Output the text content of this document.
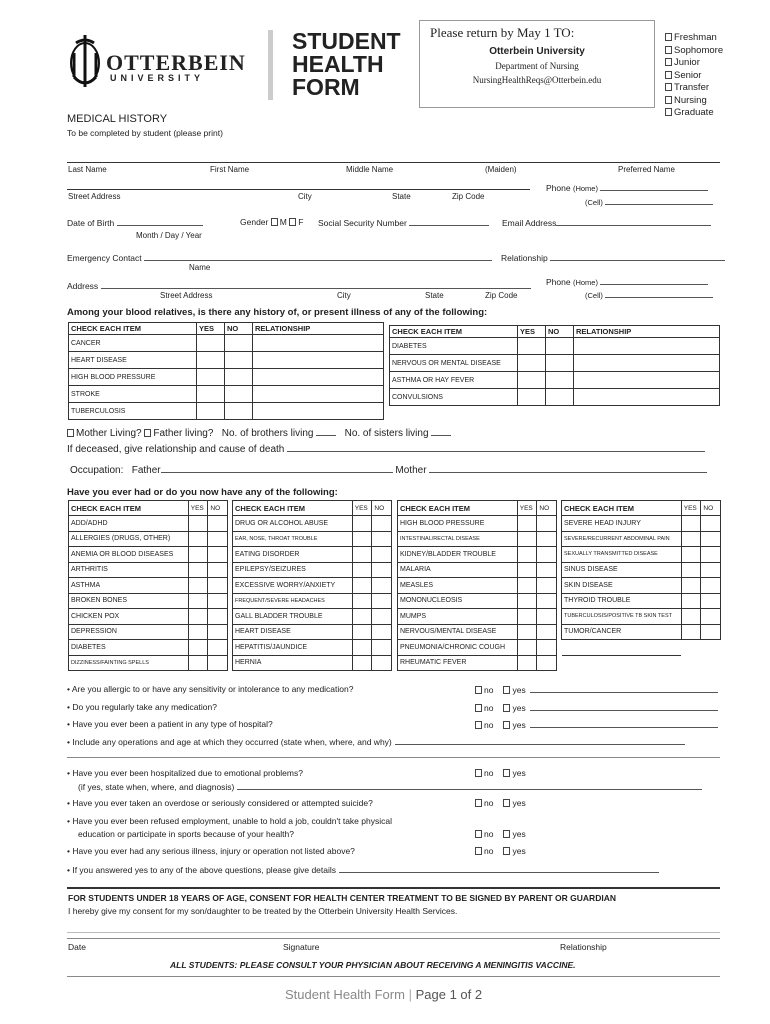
OTTERBEIN
UNIVERSITY
STUDENT
HEALTH
FORM
Please return by May 1 TO:
Otterbein University
Department of Nursing
NursingHealthReqs@Otterbein.edu
Freshman
Sophomore
Junior
Senior
Transfer
Nursing
Graduate
MEDICAL HISTORY
To be completed by student (please print)
Last Name	First Name	Middle Name	(Maiden)	Preferred Name
Street Address	City	State	Zip Code
Phone (Home)
(Cell)
Date of Birth
Month / Day / Year
Gender M F Social Security Number	Email Address
Emergency Contact
Name
Relationship
Address
Street Address	City	State	Zip Code
Phone (Home)
(Cell)
Among your blood relatives, is there any history of, or present illness of any of the following:
CHECK EACH ITEM	YES	NO	RELATIONSHIP
CANCER			
HEART DISEASE			
HIGH BLOOD PRESSURE			
STROKE			
TUBERCULOSIS			
CHECK EACH ITEM	YES	NO	RELATIONSHIP
DIABETES			
NERVOUS OR MENTAL DISEASE			
ASTHMA OR HAY FEVER			
CONVULSIONS			
Mother Living? Father living? No. of brothers living	No. of sisters living
If deceased, give relationship and cause of death
Occupation: Father	Mother
Have you ever had or do you now have any of the following:
CHECK EACH ITEM	YES	NO
ADD/ADHD		
ALLERGIES (DRUGS, OTHER)		
ANEMIA OR BLOOD DISEASES		
ARTHRITIS		
ASTHMA		
BROKEN BONES		
CHICKEN POX		
DEPRESSION		
DIABETES		
DIZZINESS/FAINTING SPELLS		
CHECK EACH ITEM	YES	NO
DRUG OR ALCOHOL ABUSE		
EAR, NOSE, THROAT TROUBLE		
EATING DISORDER		
EPILEPSY/SEIZURES		
EXCESSIVE WORRY/ANXIETY		
FREQUENT/SEVERE HEADACHES		
GALL BLADDER TROUBLE		
HEART DISEASE		
HEPATITIS/JAUNDICE		
HERNIA		
CHECK EACH ITEM	YES	NO
HIGH BLOOD PRESSURE		
INTESTINAL/RECTAL DISEASE		
KIDNEY/BLADDER TROUBLE		
MALARIA		
MEASLES		
MONONUCLEOSIS		
MUMPS		
NERVOUS/MENTAL DISEASE		
PNEUMONIA/CHRONIC COUGH		
RHEUMATIC FEVER		
CHECK EACH ITEM	YES	NO
SEVERE HEAD INJURY		
SEVERE/RECURRENT ABDOMINAL PAIN		
SEXUALLY TRANSMITTED DISEASE		
SINUS DISEASE		
SKIN DISEASE		
THYROID TROUBLE		
TUBERCULOSIS/POSITIVE TB SKIN TEST		
TUMOR/CANCER		

• Are you allergic to or have any sensitivity or intolerance to any medication?	no yes
• Do you regularly take any medication?	no yes
• Have you ever been a patient in any type of hospital?	no yes
• Include any operations and age at which they occurred (state when, where, and why)
• Have you ever been hospitalized due to emotional problems?	no yes
(if yes, state when, where, and diagnosis)
• Have you ever taken an overdose or seriously considered or attempted suicide?	no yes
• Have you ever been refused employment, unable to hold a job, couldn't take physical
education or participate in sports because of your health?	no yes
• Have you ever had any serious illness, injury or operation not listed above?	no yes
• If you answered yes to any of the above questions, please give details
FOR STUDENTS UNDER 18 YEARS OF AGE, CONSENT FOR HEALTH CENTER TREATMENT TO BE SIGNED BY PARENT OR GUARDIAN
I hereby give my consent for my son/daughter to be treated by the Otterbein University Health Services.
Date	Signature	Relationship
ALL STUDENTS: PLEASE CONSULT YOUR PHYSICIAN ABOUT RECEIVING A MENINGITIS VACCINE.
Student Health Form | Page 1 of 2
